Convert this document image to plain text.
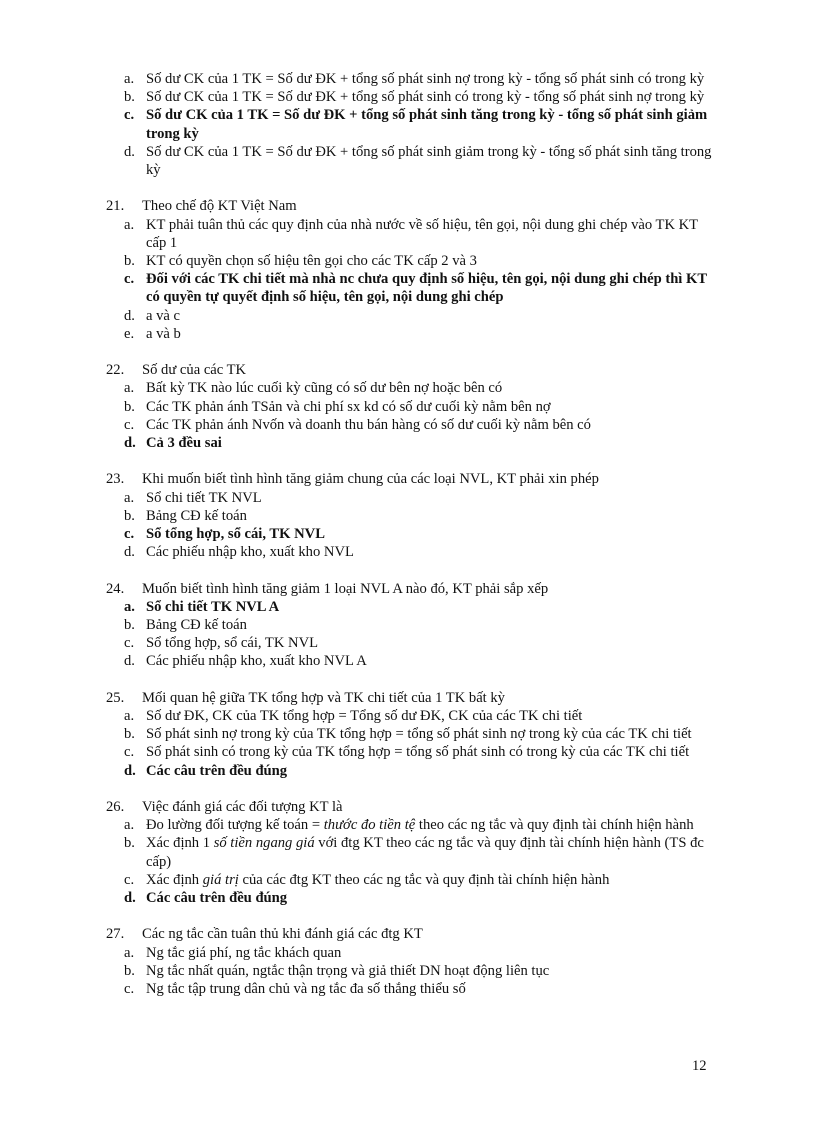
a. Số dư CK của 1 TK = Số dư ĐK + tổng số phát sinh nợ trong kỳ - tổng số phát sinh có trong kỳ
b. Số dư CK của 1 TK = Số dư ĐK + tổng số phát sinh có trong kỳ - tổng số phát sinh nợ trong kỳ
c. Số dư CK của 1 TK = Số dư ĐK + tổng số phát sinh tăng trong kỳ - tổng số phát sinh giảm trong kỳ
d. Số dư CK của 1 TK = Số dư ĐK + tổng số phát sinh giảm trong kỳ - tổng số phát sinh tăng trong kỳ
21.	Theo chế độ KT Việt Nam
a. KT phải tuân thủ các quy định của nhà nước về số hiệu, tên gọi, nội dung ghi chép vào TK KT cấp 1
b. KT có quyền chọn số hiệu tên gọi cho các TK cấp 2 và 3
c. Đối với các TK chi tiết mà nhà nc chưa quy định số hiệu, tên gọi, nội dung ghi chép thì KT có quyền tự quyết định số hiệu, tên gọi, nội dung ghi chép
d. a và c
e. a và b
22.	Số dư của các TK
a. Bất kỳ TK nào lúc cuối kỳ cũng có số dư bên nợ hoặc bên có
b. Các TK phản ánh TSản và chi phí sx kd có số dư cuối kỳ nằm bên nợ
c. Các TK phản ánh Nvốn và doanh thu bán hàng có số dư cuối kỳ nằm bên có
d. Cả 3 đều sai
23.	Khi muốn biết tình hình tăng giảm chung của các loại NVL, KT phải xin phép
a. Sổ chi tiết TK NVL
b. Bảng CĐ kế toán
c. Sổ tổng hợp, sổ cái, TK NVL
d. Các phiếu nhập kho, xuất kho NVL
24.	Muốn biết tình hình tăng giảm 1 loại NVL A nào đó, KT phải sắp xếp
a. Sổ chi tiết TK NVL A
b. Bảng CĐ kế toán
c. Sổ tổng hợp, sổ cái, TK NVL
d. Các phiếu nhập kho, xuất kho NVL A
25.	Mối quan hệ giữa TK tổng hợp và TK chi tiết của 1 TK bất kỳ
a. Số dư ĐK, CK của TK tổng hợp = Tổng số dư ĐK, CK của các TK chi tiết
b. Số phát sinh nợ trong kỳ của TK tổng hợp = tổng số phát sinh nợ trong kỳ của các TK chi tiết
c. Số phát sinh có trong kỳ của TK tổng hợp = tổng số phát sinh có trong kỳ của các TK chi tiết
d. Các câu trên đều đúng
26.	Việc đánh giá các đối tượng KT là
a. Đo lường đối tượng kế toán = thước đo tiền tệ theo các ng tắc và quy định tài chính hiện hành
b. Xác định 1 số tiền ngang giá với đtg KT theo các ng tắc và quy định tài chính hiện hành (TS đc cấp)
c. Xác định giá trị của các đtg KT theo các ng tắc và quy định tài chính hiện hành
d. Các câu trên đều đúng
27.	Các ng tắc cần tuân thủ khi đánh giá các đtg KT
a. Ng tắc giá phí, ng tắc khách quan
b. Ng tắc nhất quán, ngtắc thận trọng và giả thiết DN hoạt động liên tục
c. Ng tắc tập trung dân chủ và ng tắc đa số thắng thiểu số
12
